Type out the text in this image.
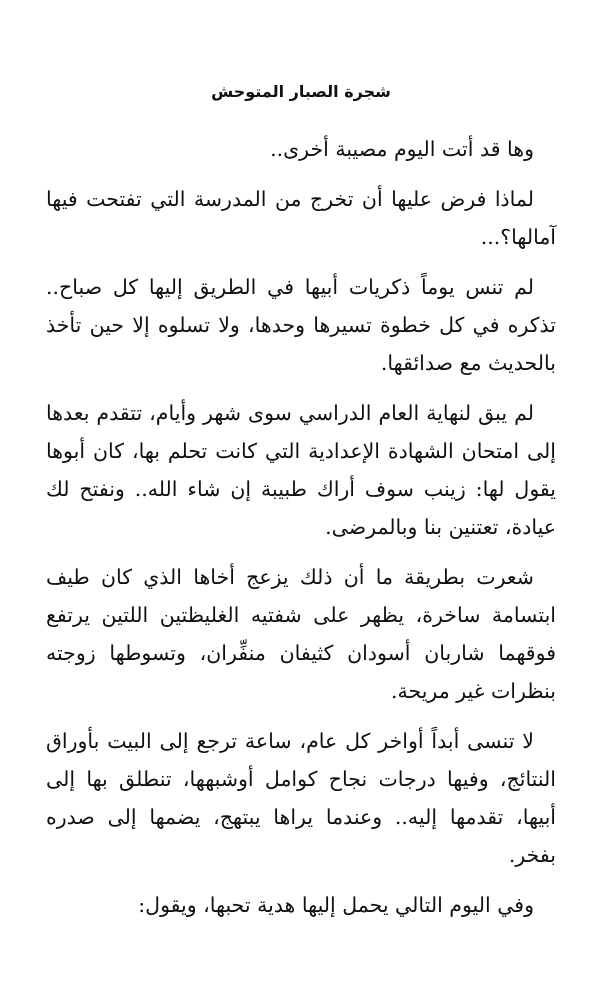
شجرة الصبار المتوحش

وها قد أتت اليوم مصيبة أخرى..

لماذا فرض عليها أن تخرج من المدرسة التي تفتحت فيها آمالها؟...

لم تنس يوماً ذكريات أبيها في الطريق إليها كل صباح.. تذكره في كل خطوة تسيرها وحدها، ولا تسلوه إلا حين تأخذ بالحديث مع صدائقها.

لم يبق لنهاية العام الدراسي سوى شهر وأيام، تتقدم بعدها إلى امتحان الشهادة الإعدادية التي كانت تحلم بها، كان أبوها يقول لها: زينب سوف أراك طبيبة إن شاء الله.. ونفتح لك عيادة، تعتنين بنا وبالمرضى.

شعرت بطريقة ما أن ذلك يزعج أخاها الذي كان طيف ابتسامة ساخرة، يظهر على شفتيه الغليظتين اللتين يرتفع فوقهما شاربان أسودان كثيفان منفِّران، وتسوطها زوجته بنظرات غير مريحة.

لا تنسى أبداً أواخر كل عام، ساعة ترجع إلى البيت بأوراق النتائج، وفيها درجات نجاح كوامل أوشبهها، تنطلق بها إلى أبيها، تقدمها إليه.. وعندما يراها يبتهج، يضمها إلى صدره بفخر.

وفي اليوم التالي يحمل إليها هدية تحبها، ويقول:
